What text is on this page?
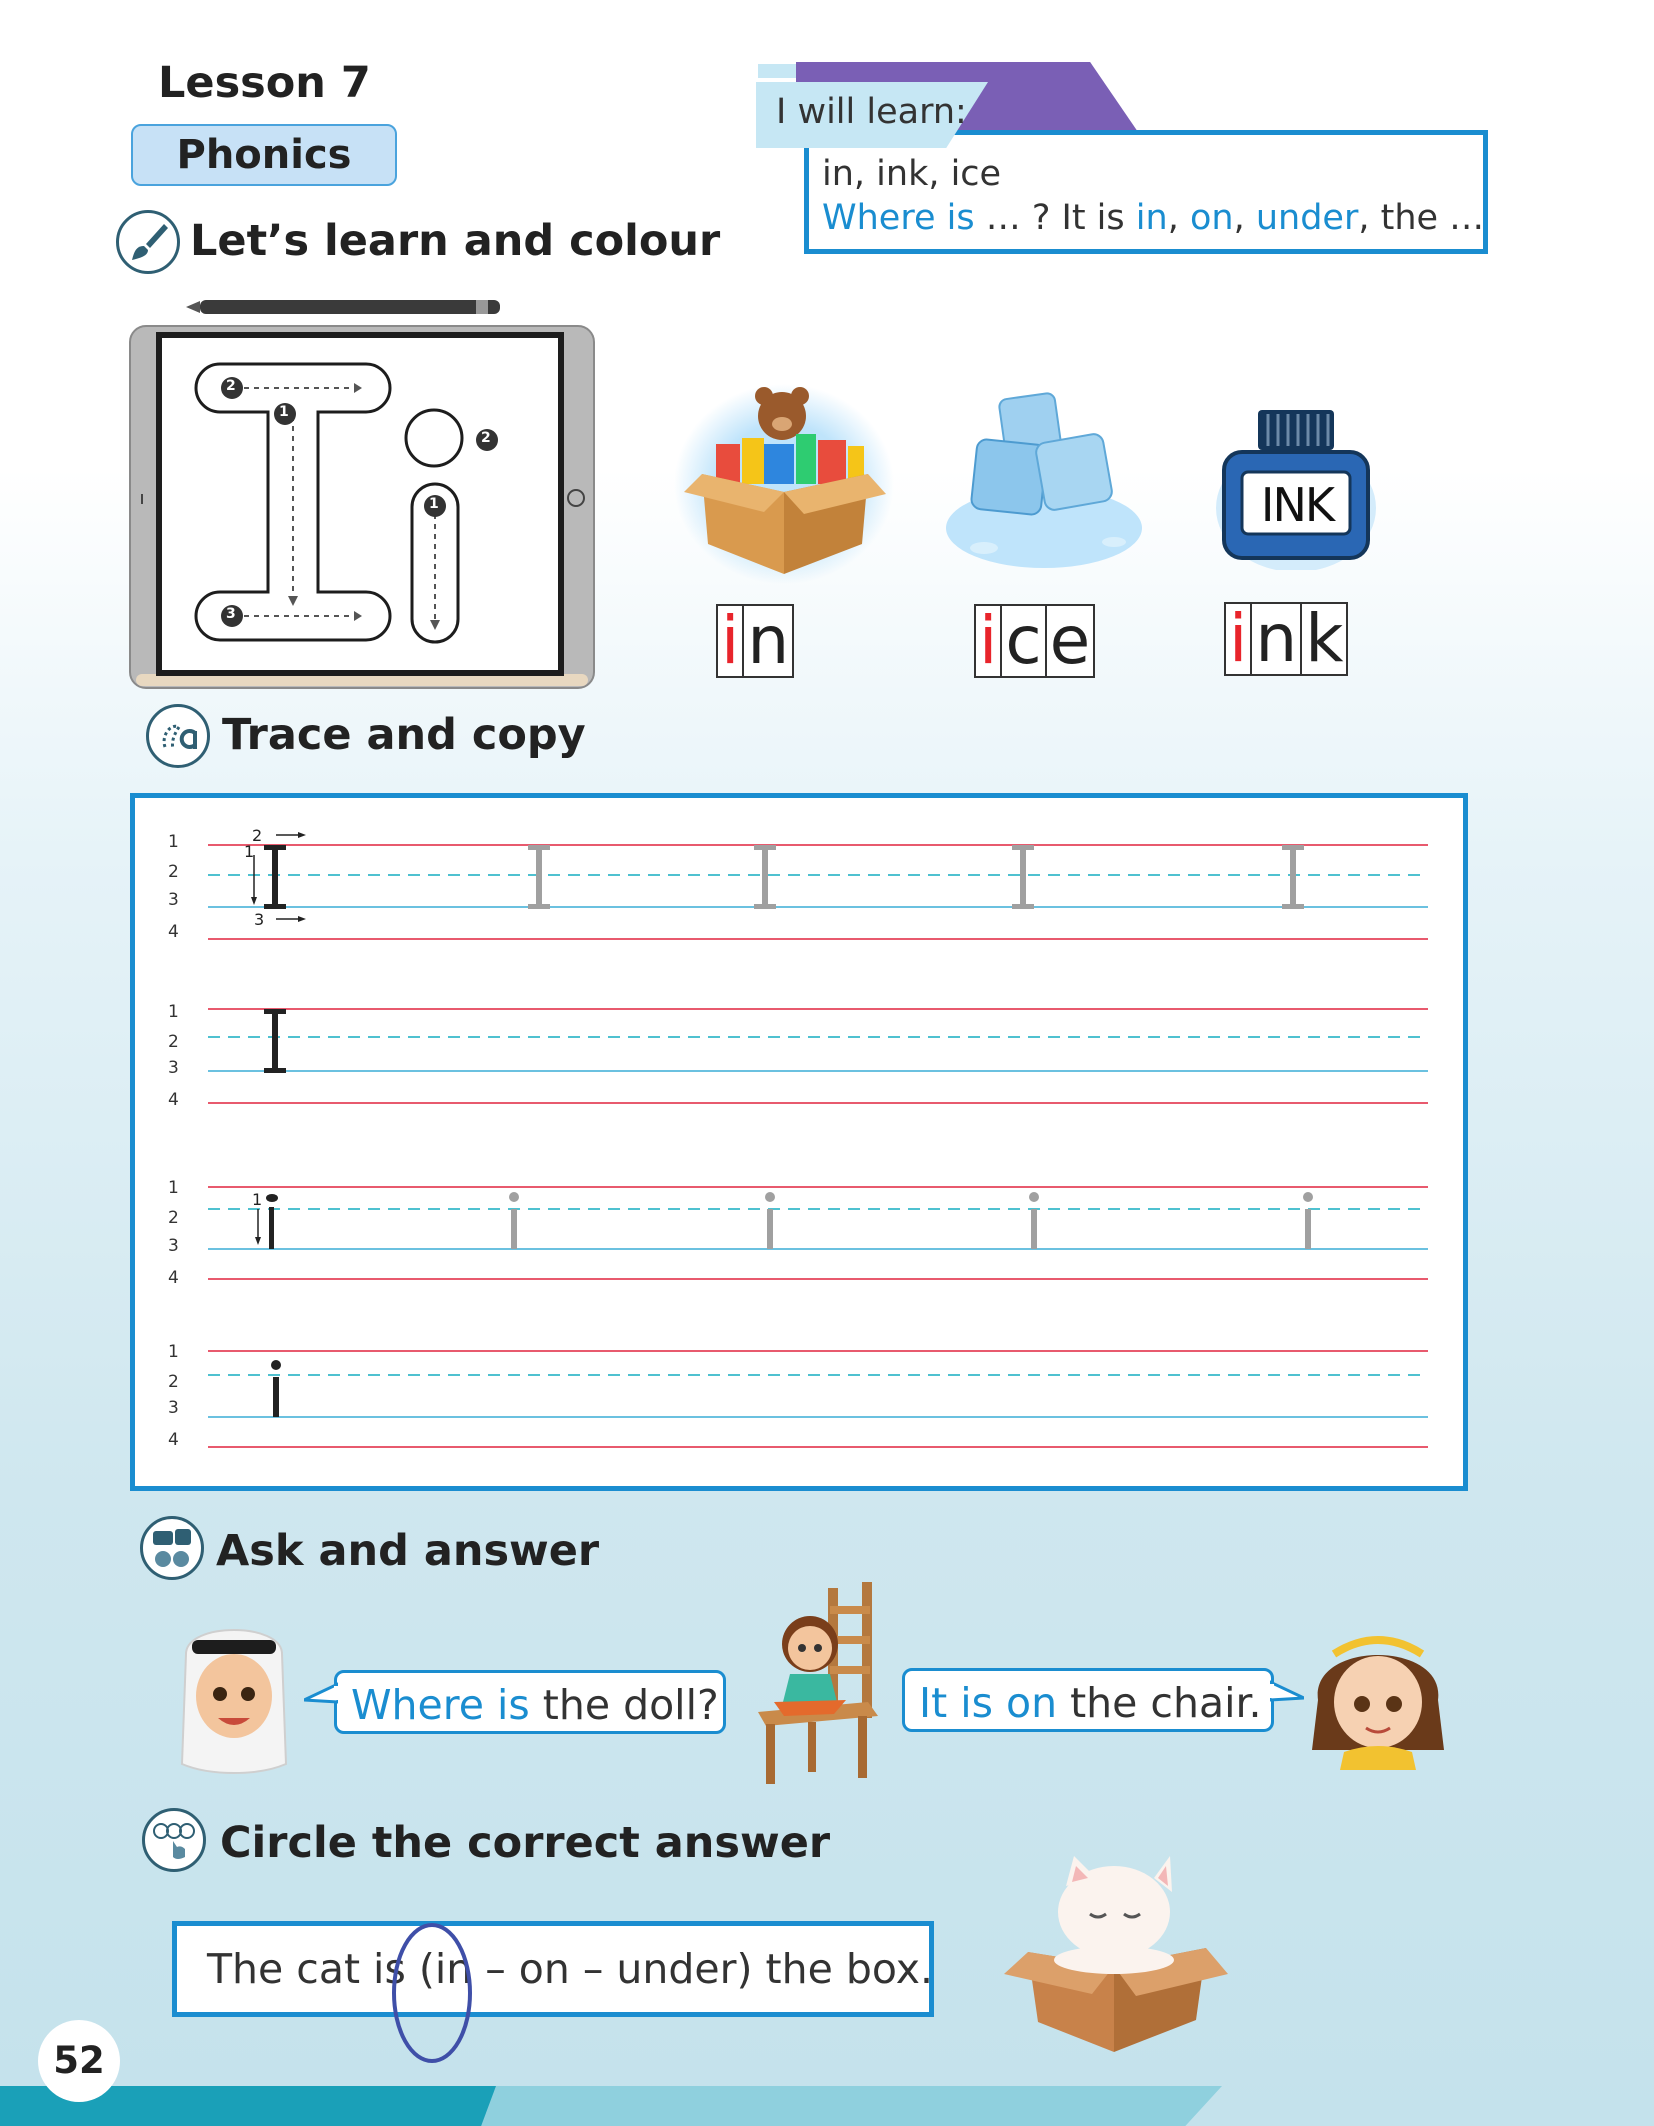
Lesson 7
Phonics
I will learn:
in, ink, ice
Where is … ? It is in, on, under, the …
Let’s learn and colour
2
1
3
1
2
INK
i n	i c e i n k
Trace and copy
1
2
3
4
1
2
3
4
1
2
3
4
1
2
3
4
2
1
3
1
Ask and answer
Where is the doll?	It is on the chair.
Circle the correct answer
The cat is (in – on – under) the box.
52
